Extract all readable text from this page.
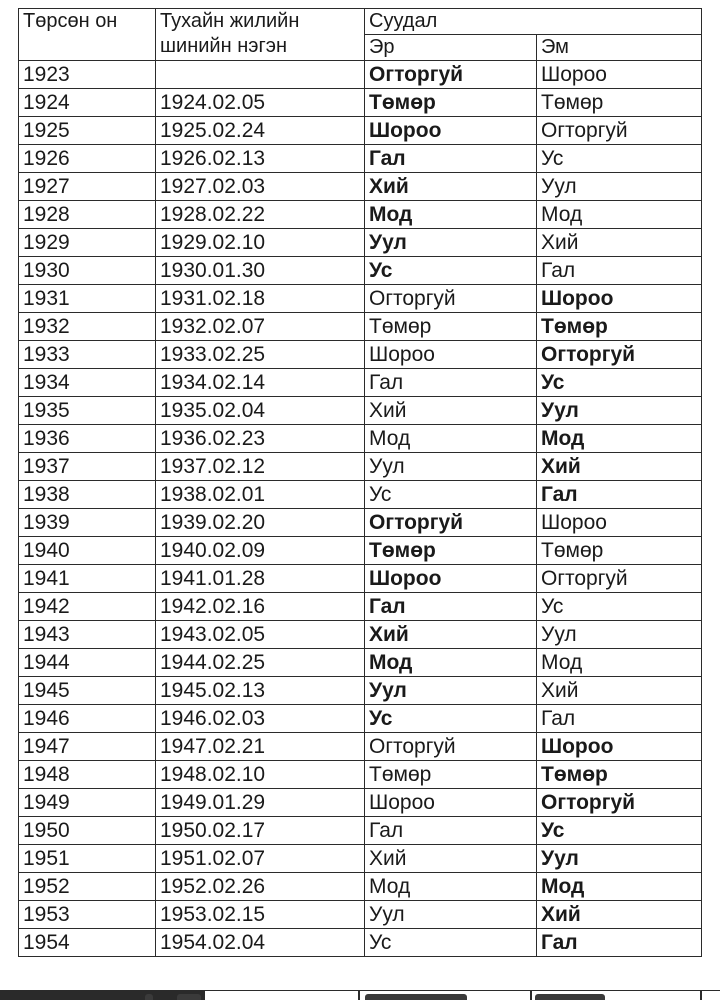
Төрсөн он	Тухайн жилийн шинийн нэгэн	Суудал	
		Эр	Эм
1923		Огторгуй	Шороо
1924	1924.02.05	Төмөр	Төмөр
1925	1925.02.24	Шороо	Огторгуй
1926	1926.02.13	Гал	Ус
1927	1927.02.03	Хий	Уул
1928	1928.02.22	Мод	Мод
1929	1929.02.10	Уул	Хий
1930	1930.01.30	Ус	Гал
1931	1931.02.18	Огторгуй	Шороо
1932	1932.02.07	Төмөр	Төмөр
1933	1933.02.25	Шороо	Огторгуй
1934	1934.02.14	Гал	Ус
1935	1935.02.04	Хий	Уул
1936	1936.02.23	Мод	Мод
1937	1937.02.12	Уул	Хий
1938	1938.02.01	Ус	Гал
1939	1939.02.20	Огторгуй	Шороо
1940	1940.02.09	Төмөр	Төмөр
1941	1941.01.28	Шороо	Огторгуй
1942	1942.02.16	Гал	Ус
1943	1943.02.05	Хий	Уул
1944	1944.02.25	Мод	Мод
1945	1945.02.13	Уул	Хий
1946	1946.02.03	Ус	Гал
1947	1947.02.21	Огторгуй	Шороо
1948	1948.02.10	Төмөр	Төмөр
1949	1949.01.29	Шороо	Огторгуй
1950	1950.02.17	Гал	Ус
1951	1951.02.07	Хий	Уул
1952	1952.02.26	Мод	Мод
1953	1953.02.15	Уул	Хий
1954	1954.02.04	Ус	Гал
